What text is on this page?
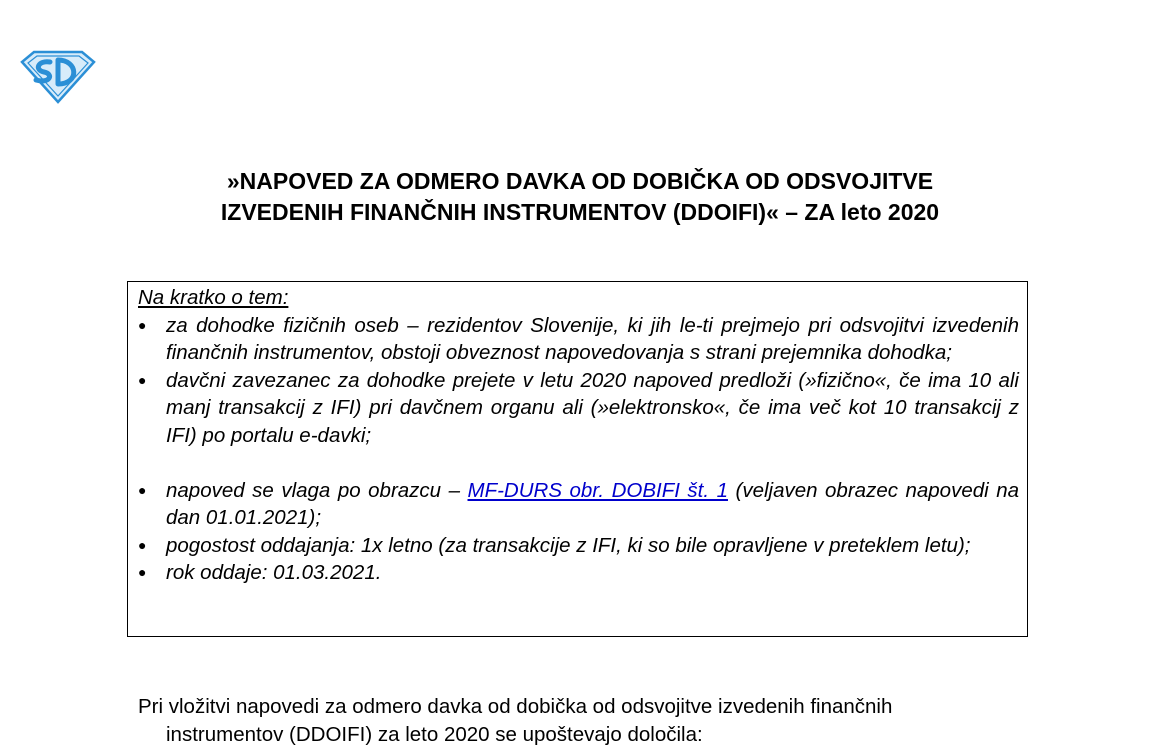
»NAPOVED ZA ODMERO DAVKA OD DOBIČKA OD ODSVOJITVE
IZVEDENIH FINANČNIH INSTRUMENTOV (DDOIFI)« – ZA leto 2020
Na kratko o tem:
● za dohodke fizičnih oseb – rezidentov Slovenije, ki jih le-ti prejmejo pri odsvojitvi izvedenih finančnih instrumentov, obstoji obveznost napovedovanja s strani prejemnika dohodka;
● davčni zavezanec za dohodke prejete v letu 2020 napoved predloži (»fizično«, če ima 10 ali manj transakcij z IFI) pri davčnem organu ali (»elektronsko«, če ima več kot 10 transakcij z IFI) po portalu e-davki;
● napoved se vlaga po obrazcu – MF-DURS obr. DOBIFI št. 1 (veljaven obrazec napovedi na dan 01.01.2021);
● pogostost oddajanja: 1x letno (za transakcije z IFI, ki so bile opravljene v preteklem letu);
● rok oddaje: 01.03.2021.
Pri vložitvi napovedi za odmero davka od dobička od odsvojitve izvedenih finančnih
instrumentov (DDOIFI) za leto 2020 se upoštevajo določila:
